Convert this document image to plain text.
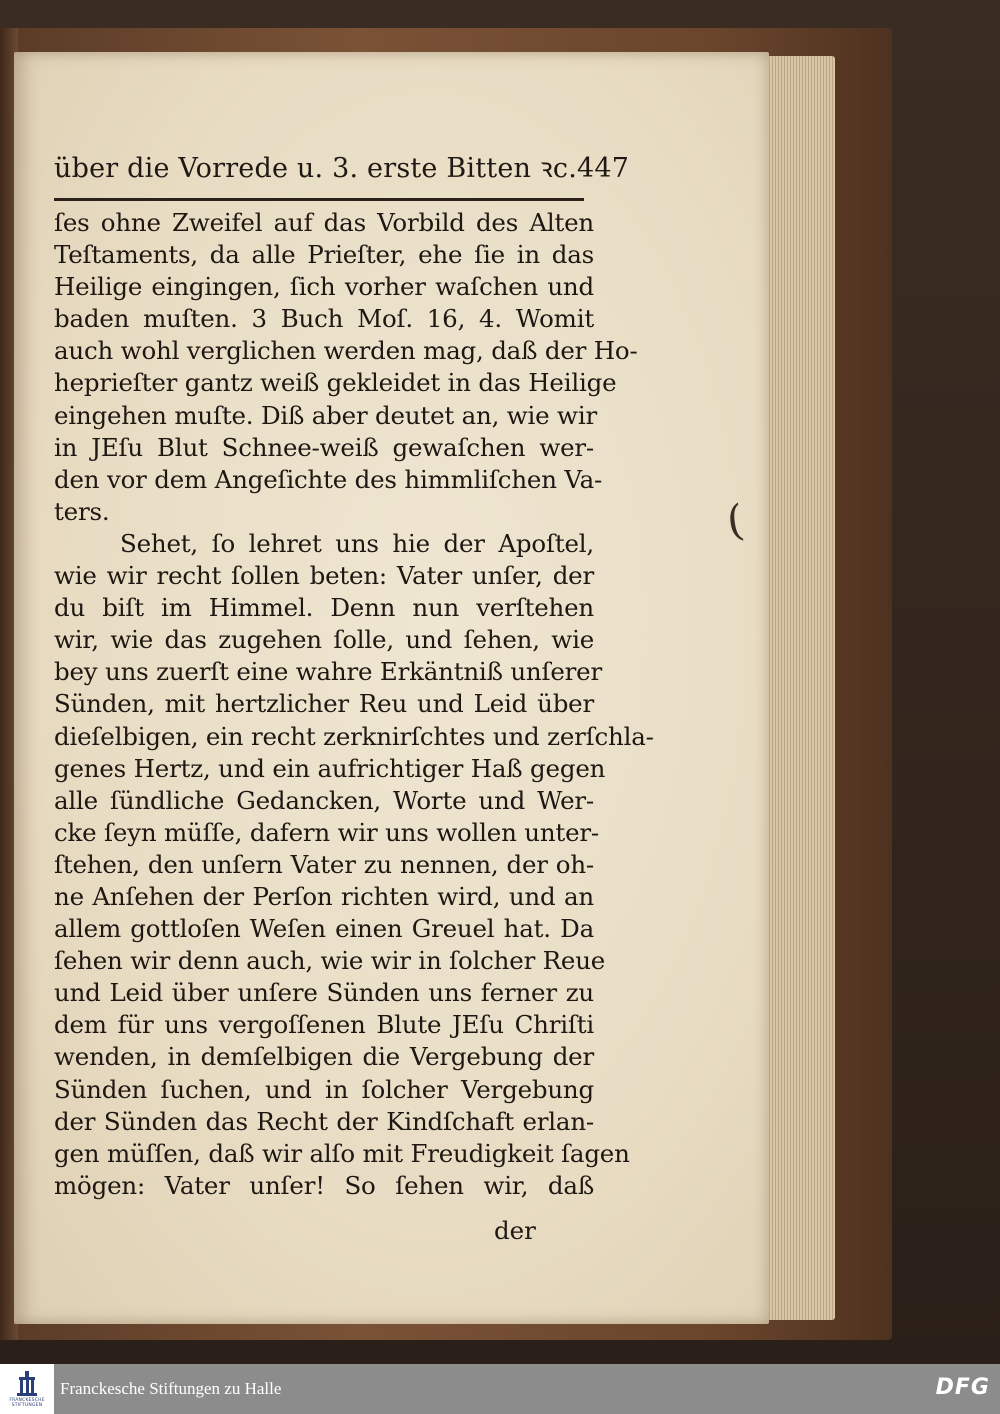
über die Vorrede u. 3. erste Bitten ꝛc. 447
ſes ohne Zweifel auf das Vorbild des Alten
Teſtaments, da alle Prieſter, ehe ſie in das
Heilige eingingen, ſich vorher waſchen und
baden muſten. 3 Buch Moſ. 16, 4. Womit
auch wohl verglichen werden mag, daß der Ho-
heprieſter gantz weiß gekleidet in das Heilige
eingehen muſte. Diß aber deutet an, wie wir
in JEſu Blut Schnee-weiß gewaſchen wer-
den vor dem Angeſichte des himmliſchen Va-
ters.
Sehet, ſo lehret uns hie der Apoſtel,
wie wir recht ſollen beten: Vater unſer, der
du biſt im Himmel. Denn nun verſtehen
wir, wie das zugehen ſolle, und ſehen, wie
bey uns zuerſt eine wahre Erkäntniß unſerer
Sünden, mit hertzlicher Reu und Leid über
dieſelbigen, ein recht zerknirſchtes und zerſchla-
genes Hertz, und ein aufrichtiger Haß gegen
alle ſündliche Gedancken, Worte und Wer-
cke ſeyn müſſe, dafern wir uns wollen unter-
ſtehen, den unſern Vater zu nennen, der oh-
ne Anſehen der Perſon richten wird, und an
allem gottloſen Weſen einen Greuel hat. Da
ſehen wir denn auch, wie wir in ſolcher Reue
und Leid über unſere Sünden uns ferner zu
dem für uns vergoſſenen Blute JEſu Chriſti
wenden, in demſelbigen die Vergebung der
Sünden ſuchen, und in ſolcher Vergebung
der Sünden das Recht der Kindſchaft erlan-
gen müſſen, daß wir alſo mit Freudigkeit ſagen
mögen: Vater unſer! So ſehen wir, daß
der
(
FRANCKESCHE
STIFTUNGEN
Franckesche Stiftungen zu Halle	DFG
